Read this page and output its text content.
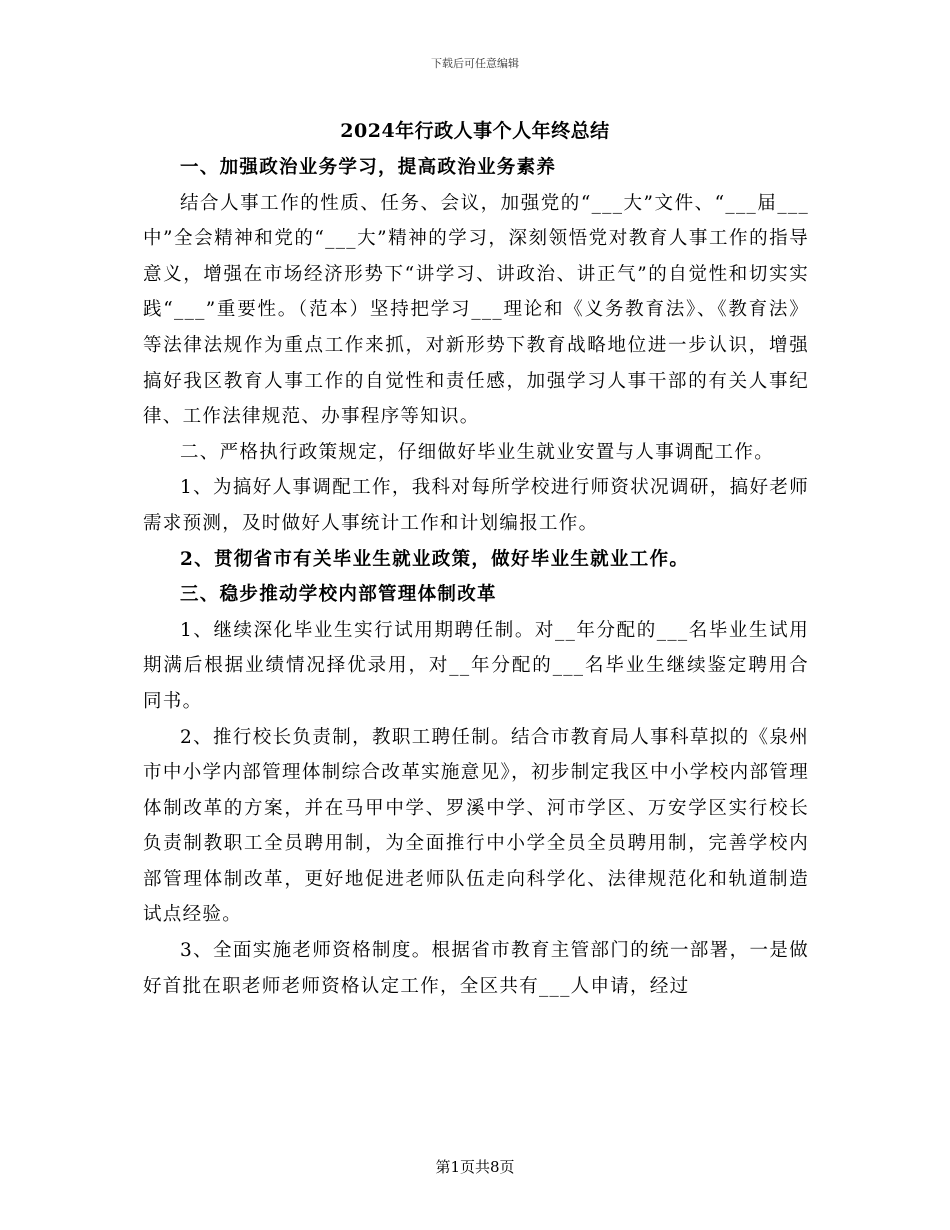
下载后可任意编辑
2024年行政人事个人年终总结

一、加强政治业务学习，提高政治业务素养

结合人事工作的性质、任务、会议，加强党的“___大”文件、“___届___中”全会精神和党的“___大”精神的学习，深刻领悟党对教育人事工作的指导意义，增强在市场经济形势下“讲学习、讲政治、讲正气”的自觉性和切实实践“___”重要性。（范本）坚持把学习___理论和《义务教育法》、《教育法》等法律法规作为重点工作来抓，对新形势下教育战略地位进一步认识，增强搞好我区教育人事工作的自觉性和责任感，加强学习人事干部的有关人事纪律、工作法律规范、办事程序等知识。

二、严格执行政策规定，仔细做好毕业生就业安置与人事调配工作。

1、为搞好人事调配工作，我科对每所学校进行师资状况调研，搞好老师需求预测，及时做好人事统计工作和计划编报工作。

2、贯彻省市有关毕业生就业政策，做好毕业生就业工作。

三、稳步推动学校内部管理体制改革

1、继续深化毕业生实行试用期聘任制。对__年分配的___名毕业生试用期满后根据业绩情况择优录用，对__年分配的___名毕业生继续鉴定聘用合同书。

2、推行校长负责制，教职工聘任制。结合市教育局人事科草拟的《泉州市中小学内部管理体制综合改革实施意见》，初步制定我区中小学校内部管理体制改革的方案，并在马甲中学、罗溪中学、河市学区、万安学区实行校长负责制教职工全员聘用制，为全面推行中小学全员全员聘用制，完善学校内部管理体制改革，更好地促进老师队伍走向科学化、法律规范化和轨道制造试点经验。

3、全面实施老师资格制度。根据省市教育主管部门的统一部署，一是做好首批在职老师老师资格认定工作，全区共有___人申请，经过

第1页共8页
